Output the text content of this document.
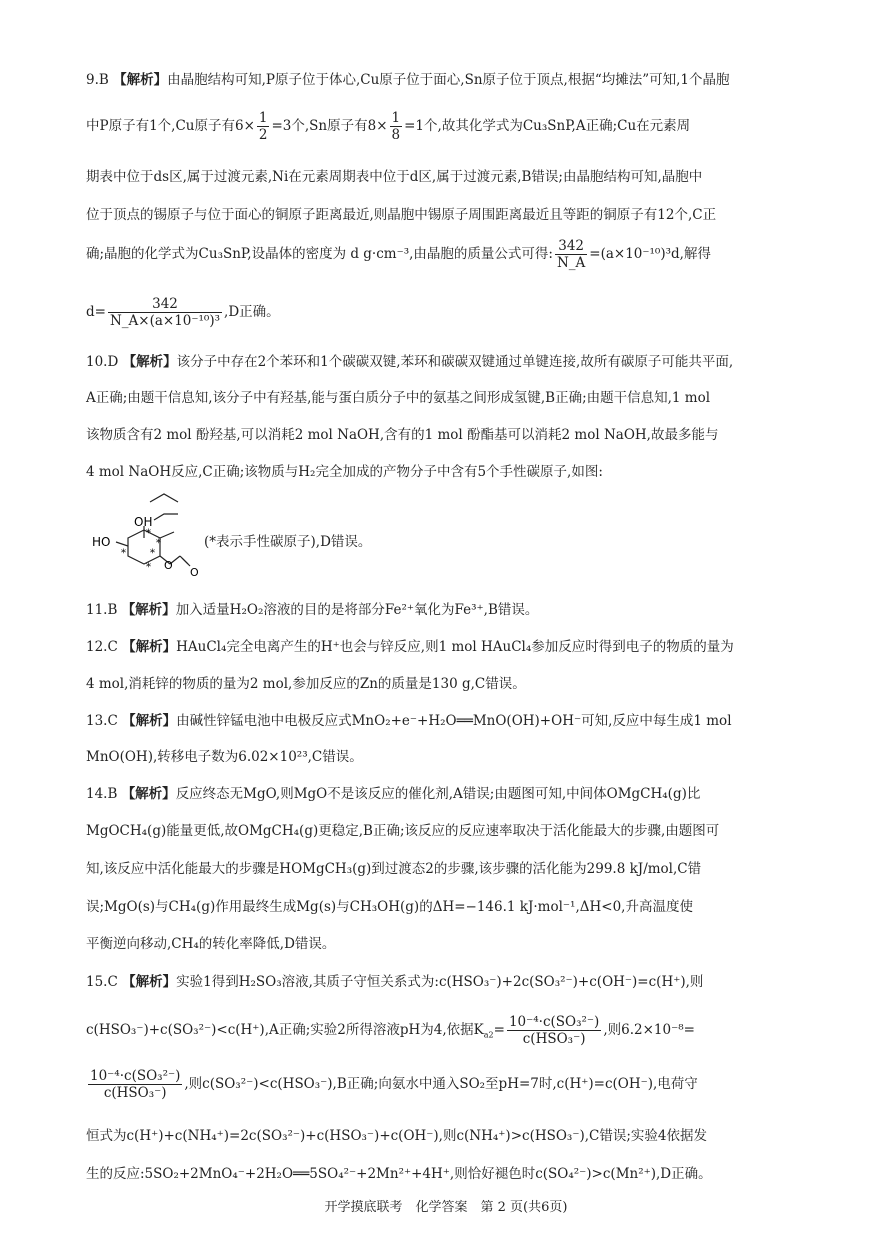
9.B 【解析】由晶胞结构可知,P原子位于体心,Cu原子位于面心,Sn原子位于顶点,根据“均摊法”可知,1个晶胞
中P原子有1个,Cu原子有$6\times \frac{1}{2} =3$个,Sn原子有$8\times \frac{1}{8} =1$个,故其化学式为Cu₃SnP,A正确;Cu在元素周
期表中位于ds区,属于过渡元素,Ni在元素周期表中位于d区,属于过渡元素,B错误;由晶胞结构可知,晶胞中
位于顶点的锡原子与位于面心的铜原子距离最近,则晶胞中锡原子周围距离最近且等距的铜原子有12个,C正
确;晶胞的化学式为Cu₃SnP,设晶体的密度为 d g·cm⁻³,由晶胞的质量公式可得: $\frac{342}{N\_A} =(a\times 10^{-10})^3d$,解得
$d= \frac{342}{\text{N\_A×(a×10⁻¹⁰)³}} ,D$正确。
10.D 【解析】该分子中存在2个苯环和1个碳碳双键,苯环和碳碳双键通过单键连接,故所有碳原子可能共平面,
A正确;由题干信息知,该分子中有羟基,能与蛋白质分子中的氨基之间形成氢键,B正确;由题干信息知,1 mol
该物质含有2 mol 酚羟基,可以消耗2 mol NaOH,含有的1 mol 酚酯基可以消耗2 mol NaOH,故最多能与
4 mol NaOH反应,C正确;该物质与H₂完全加成的产物分子中含有5个手性碳原子,如图:
OH
HO
O
O
*
*
*
*
*
(*表示手性碳原子),D错误。
11.B 【解析】加入适量H₂O₂溶液的目的是将部分Fe²⁺氧化为Fe³⁺,B错误。
12.C 【解析】HAuCl₄完全电离产生的H⁺也会与锌反应,则1 mol HAuCl₄参加反应时得到电子的物质的量为
4 mol,消耗锌的物质的量为2 mol,参加反应的Zn的质量是130 g,C错误。
13.C 【解析】由碱性锌锰电池中电极反应式MnO₂+e⁻+H₂O══MnO(OH)+OH⁻可知,反应中每生成1 mol
MnO(OH),转移电子数为6.02×10²³,C错误。
14.B 【解析】反应终态无MgO,则MgO不是该反应的催化剂,A错误;由题图可知,中间体OMgCH₄(g)比
MgOCH₄(g)能量更低,故OMgCH₄(g)更稳定,B正确;该反应的反应速率取决于活化能最大的步骤,由题图可
知,该反应中活化能最大的步骤是HOMgCH₃(g)到过渡态2的步骤,该步骤的活化能为299.8 kJ/mol,C错
误;MgO(s)与CH₄(g)作用最终生成Mg(s)与CH₃OH(g)的ΔH=−146.1 kJ·mol⁻¹,ΔH<0,升高温度使
平衡逆向移动,CH₄的转化率降低,D错误。
15.C 【解析】实验1得到H₂SO₃溶液,其质子守恒关系式为:c(HSO₃⁻)+2c(SO₃²⁻)+c(OH⁻)=c(H⁺),则
c(HSO₃⁻)+c(SO₃²⁻)<c(H⁺),A正确;实验2所得溶液pH为4,依据$K_{a2}= \frac{\text{10⁻⁴·c(SO₃²⁻)}}{\text{c(HSO₃⁻)}}$ ,则6.2×10⁻⁸=
$\frac{\text{10⁻⁴·c(SO₃²⁻)}}{\text{c(HSO₃⁻)}}$ ,则c(SO₃²⁻)<c(HSO₃⁻),B正确;向氨水中通入SO₂至pH=7时,c(H⁺)=c(OH⁻),电荷守
恒式为c(H⁺)+c(NH₄⁺)=2c(SO₃²⁻)+c(HSO₃⁻)+c(OH⁻),则c(NH₄⁺)>c(HSO₃⁻),C错误;实验4依据发
生的反应:5SO₂+2MnO₄⁻+2H₂O══5SO₄²⁻+2Mn²⁺+4H⁺,则恰好褪色时c(SO₄²⁻)>c(Mn²⁺),D正确。
开学摸底联考　化学答案　第 2 页(共6页)
